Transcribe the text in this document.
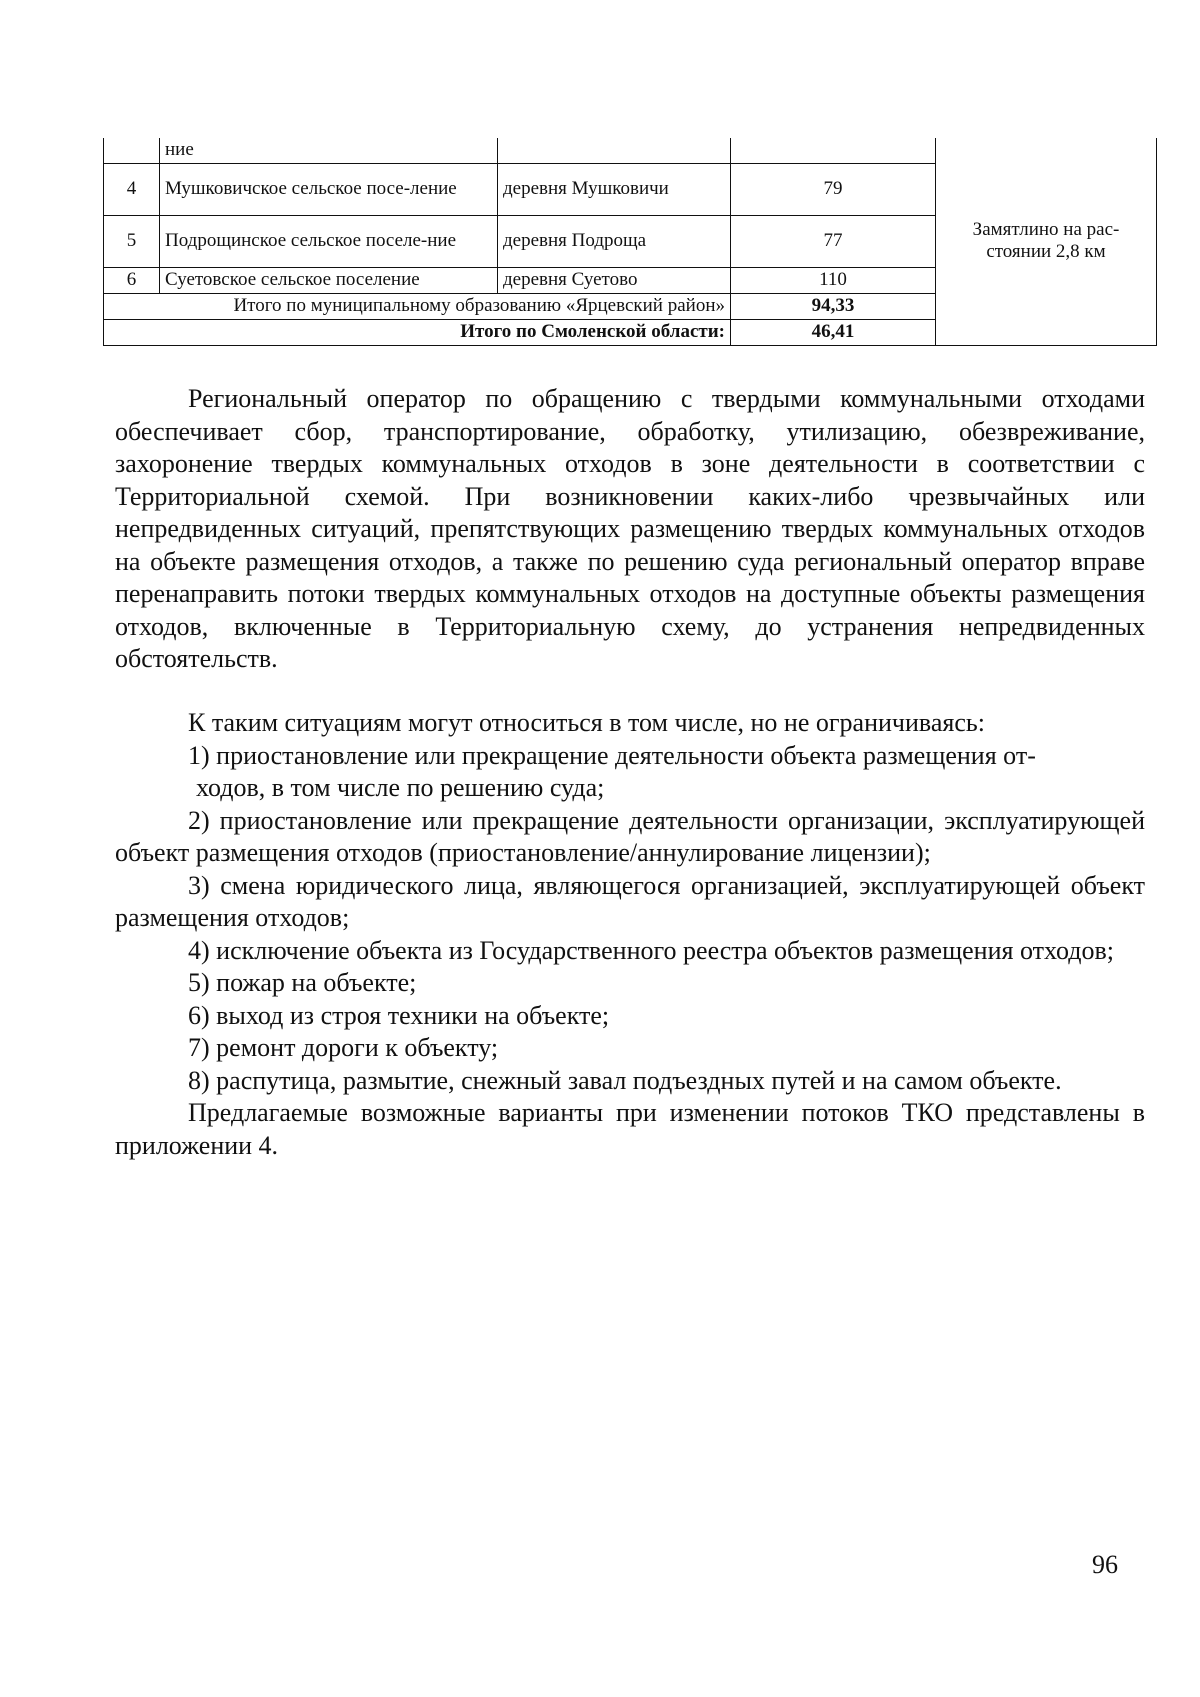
	ние			Замятлино на рас-стоянии 2,8 км
4	Мушковичское сельское посе-ление	деревня Мушковичи	79	
5	Подрощинское сельское поселе-ние	деревня Подроща	77	
6	Суетовское сельское поселение	деревня Суетово	110	
Итого по муниципальному образованию «Ярцевский район»			94,33	
Итого по Смоленской области:			46,41	

Региональный оператор по обращению с твердыми коммунальными отходами обеспечивает сбор, транспортирование, обработку, утилизацию, обезвреживание, захоронение твердых коммунальных отходов в зоне деятельности в соответствии с Территориальной схемой. При возникновении каких-либо чрезвычайных или непредвиденных ситуаций, препятствующих размещению твердых коммунальных отходов на объекте размещения отходов, а также по решению суда региональный оператор вправе перенаправить потоки твердых коммунальных отходов на доступные объекты размещения отходов, включенные в Территориальную схему, до устранения непредвиденных обстоятельств.

К таким ситуациям могут относиться в том числе, но не ограничиваясь:

1) приостановление или прекращение деятельности объекта размещения от-

ходов, в том числе по решению суда;

2) приостановление или прекращение деятельности организации, эксплуатирующей объект размещения отходов (приостановление/аннулирование лицензии);

3) смена юридического лица, являющегося организацией, эксплуатирующей объект размещения отходов;

4) исключение объекта из Государственного реестра объектов размещения отходов;

5) пожар на объекте;

6) выход из строя техники на объекте;

7) ремонт дороги к объекту;

8) распутица, размытие, снежный завал подъездных путей и на самом объекте.

Предлагаемые возможные варианты при изменении потоков ТКО представлены в приложении 4.

96
